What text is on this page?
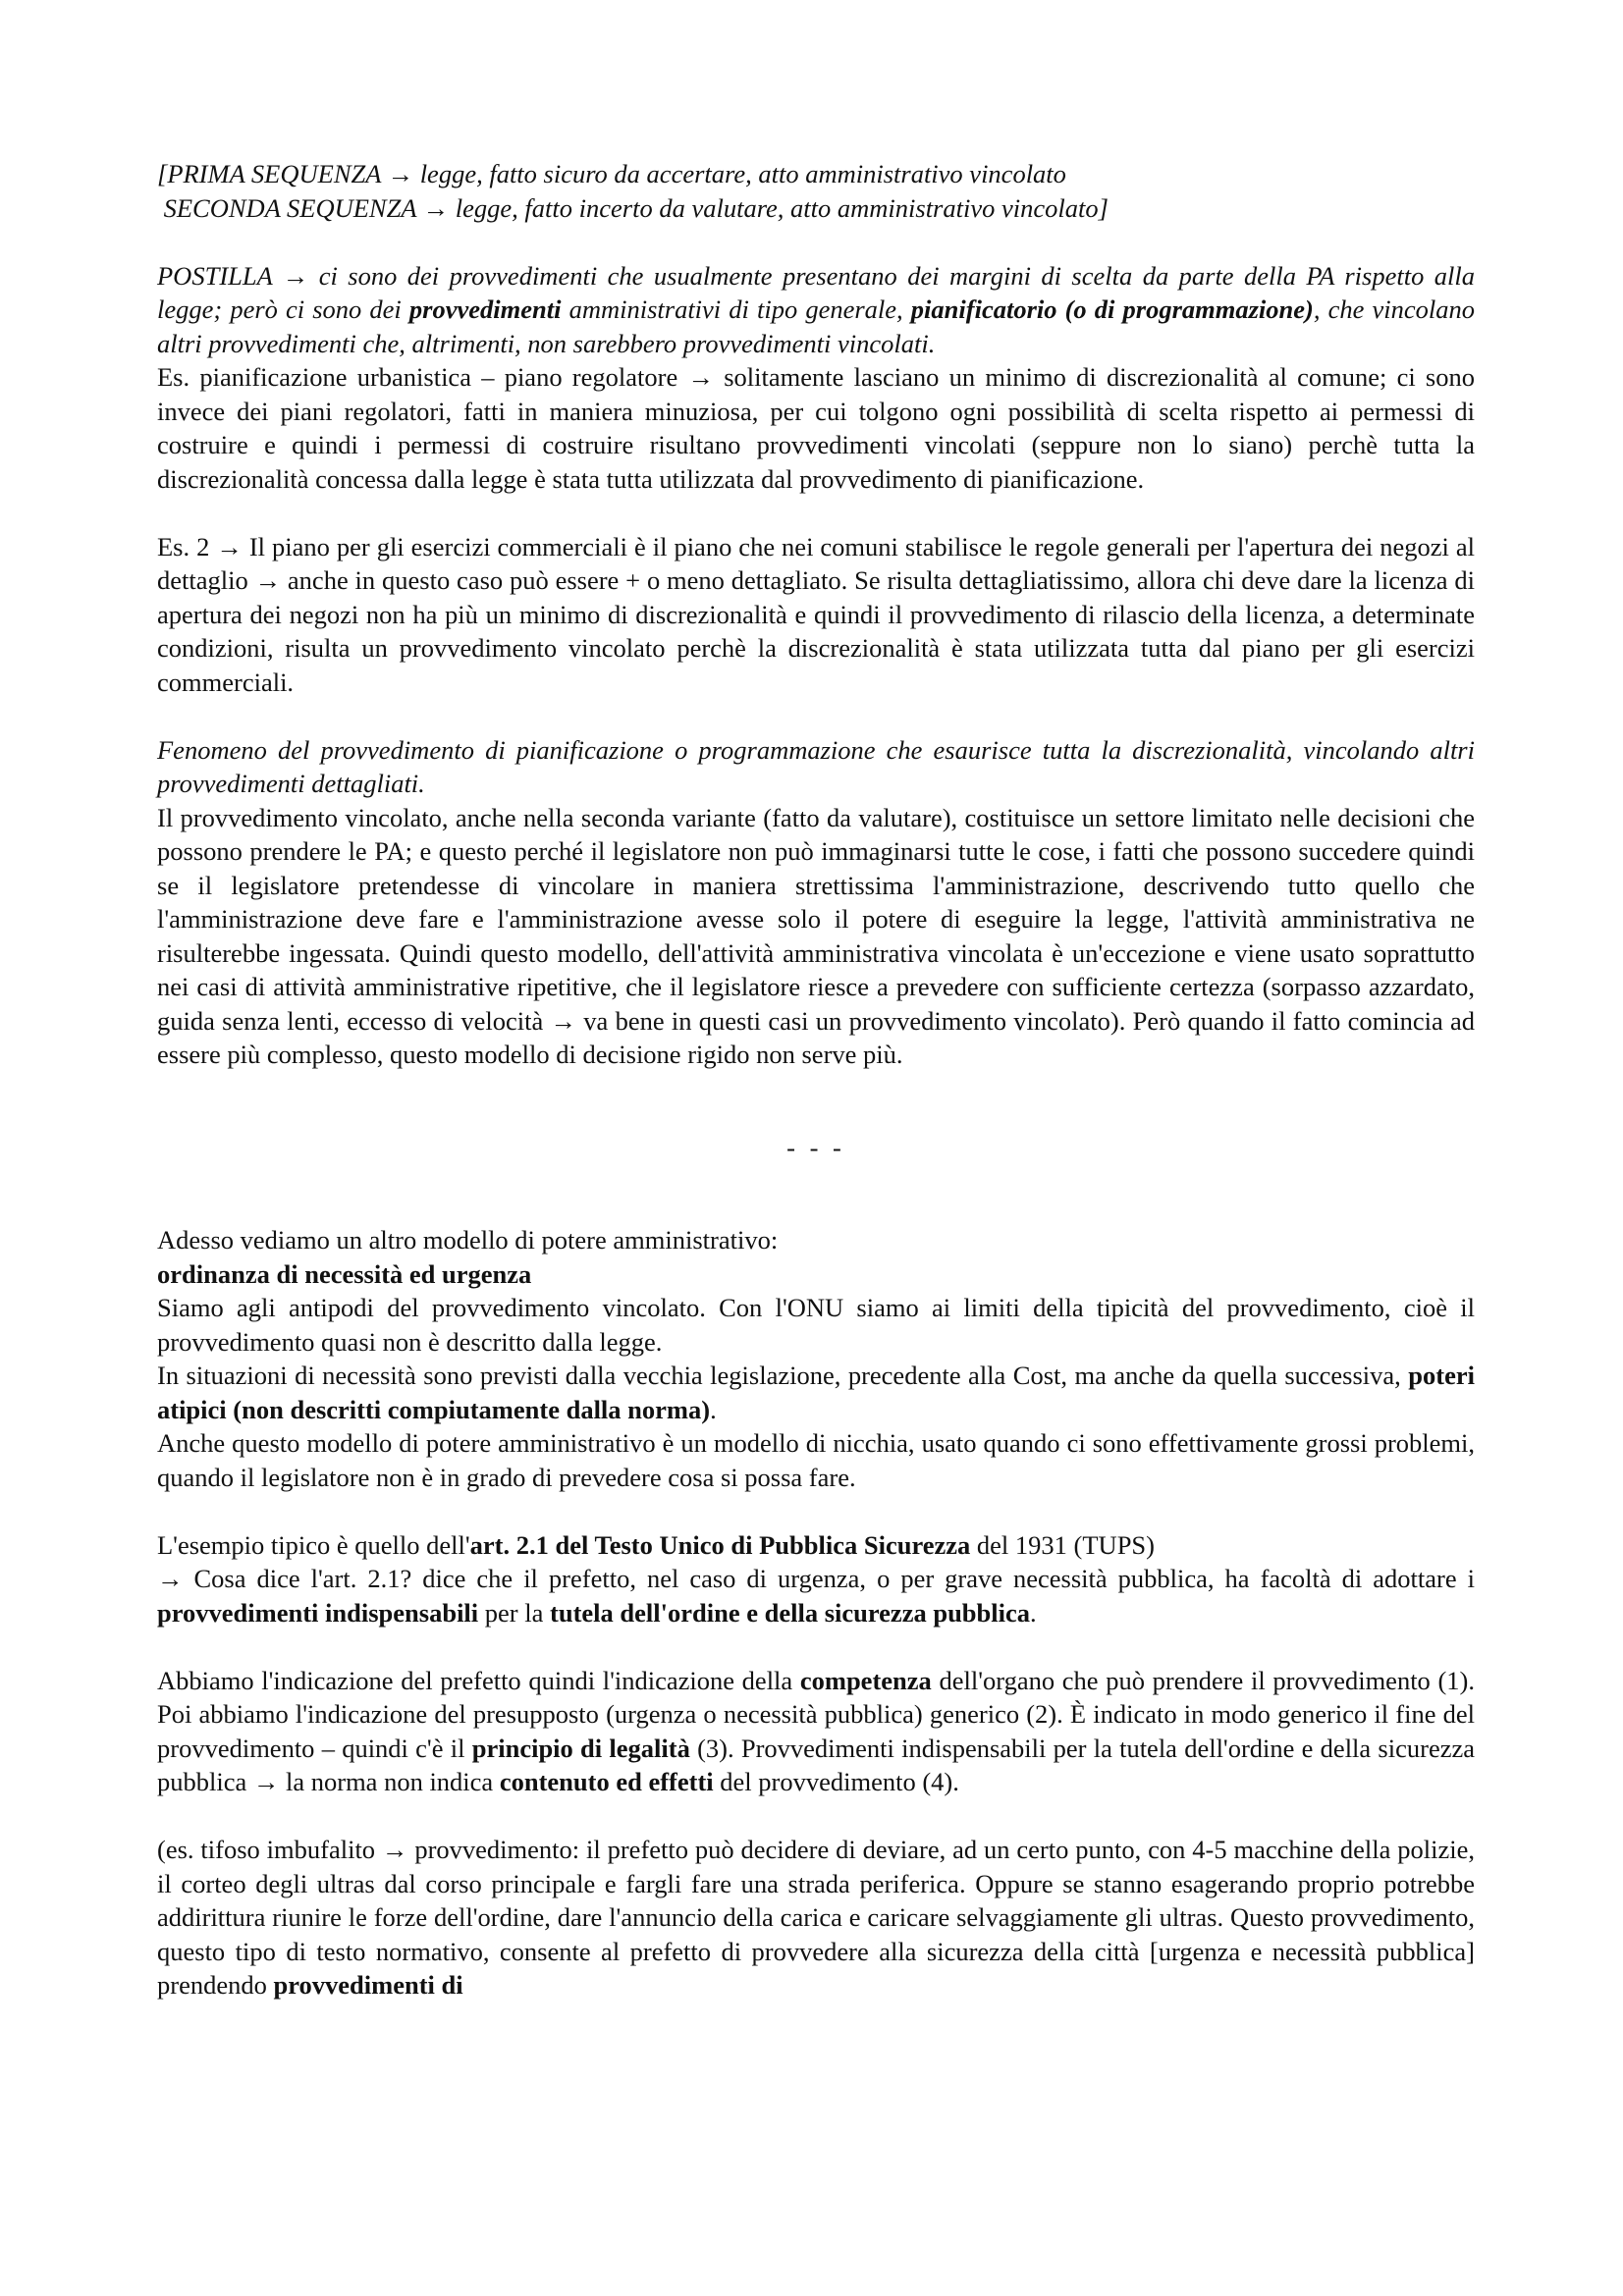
[PRIMA SEQUENZA → legge, fatto sicuro da accertare, atto amministrativo vincolato
SECONDA SEQUENZA → legge, fatto incerto da valutare, atto amministrativo vincolato]

POSTILLA → ci sono dei provvedimenti che usualmente presentano dei margini di scelta da parte della PA rispetto alla legge; però ci sono dei provvedimenti amministrativi di tipo generale, pianificatorio (o di programmazione), che vincolano altri provvedimenti che, altrimenti, non sarebbero provvedimenti vincolati.

Es. pianificazione urbanistica – piano regolatore → solitamente lasciano un minimo di discrezionalità al comune; ci sono invece dei piani regolatori, fatti in maniera minuziosa, per cui tolgono ogni possibilità di scelta rispetto ai permessi di costruire e quindi i permessi di costruire risultano provvedimenti vincolati (seppure non lo siano) perchè tutta la discrezionalità concessa dalla legge è stata tutta utilizzata dal provvedimento di pianificazione.

Es. 2 → Il piano per gli esercizi commerciali è il piano che nei comuni stabilisce le regole generali per l'apertura dei negozi al dettaglio → anche in questo caso può essere + o meno dettagliato. Se risulta dettagliatissimo, allora chi deve dare la licenza di apertura dei negozi non ha più un minimo di discrezionalità e quindi il provvedimento di rilascio della licenza, a determinate condizioni, risulta un provvedimento vincolato perchè la discrezionalità è stata utilizzata tutta dal piano per gli esercizi commerciali.

Fenomeno del provvedimento di pianificazione o programmazione che esaurisce tutta la discrezionalità, vincolando altri provvedimenti dettagliati.

Il provvedimento vincolato, anche nella seconda variante (fatto da valutare), costituisce un settore limitato nelle decisioni che possono prendere le PA; e questo perché il legislatore non può immaginarsi tutte le cose, i fatti che possono succedere quindi se il legislatore pretendesse di vincolare in maniera strettissima l'amministrazione, descrivendo tutto quello che l'amministrazione deve fare e l'amministrazione avesse solo il potere di eseguire la legge, l'attività amministrativa ne risulterebbe ingessata. Quindi questo modello, dell'attività amministrativa vincolata è un'eccezione e viene usato soprattutto nei casi di attività amministrative ripetitive, che il legislatore riesce a prevedere con sufficiente certezza (sorpasso azzardato, guida senza lenti, eccesso di velocità → va bene in questi casi un provvedimento vincolato). Però quando il fatto comincia ad essere più complesso, questo modello di decisione rigido non serve più.

- - -

Adesso vediamo un altro modello di potere amministrativo:

ordinanza di necessità ed urgenza

Siamo agli antipodi del provvedimento vincolato. Con l'ONU siamo ai limiti della tipicità del provvedimento, cioè il provvedimento quasi non è descritto dalla legge.

In situazioni di necessità sono previsti dalla vecchia legislazione, precedente alla Cost, ma anche da quella successiva, poteri atipici (non descritti compiutamente dalla norma).

Anche questo modello di potere amministrativo è un modello di nicchia, usato quando ci sono effettivamente grossi problemi, quando il legislatore non è in grado di prevedere cosa si possa fare.

L'esempio tipico è quello dell'art. 2.1 del Testo Unico di Pubblica Sicurezza del 1931 (TUPS)

→ Cosa dice l'art. 2.1? dice che il prefetto, nel caso di urgenza, o per grave necessità pubblica, ha facoltà di adottare i provvedimenti indispensabili per la tutela dell'ordine e della sicurezza pubblica.

Abbiamo l'indicazione del prefetto quindi l'indicazione della competenza dell'organo che può prendere il provvedimento (1). Poi abbiamo l'indicazione del presupposto (urgenza o necessità pubblica) generico (2). È indicato in modo generico il fine del provvedimento – quindi c'è il principio di legalità (3). Provvedimenti indispensabili per la tutela dell'ordine e della sicurezza pubblica → la norma non indica contenuto ed effetti del provvedimento (4).

(es. tifoso imbufalito → provvedimento: il prefetto può decidere di deviare, ad un certo punto, con 4-5 macchine della polizie, il corteo degli ultras dal corso principale e fargli fare una strada periferica. Oppure se stanno esagerando proprio potrebbe addirittura riunire le forze dell'ordine, dare l'annuncio della carica e caricare selvaggiamente gli ultras. Questo provvedimento, questo tipo di testo normativo, consente al prefetto di provvedere alla sicurezza della città [urgenza e necessità pubblica] prendendo provvedimenti di
